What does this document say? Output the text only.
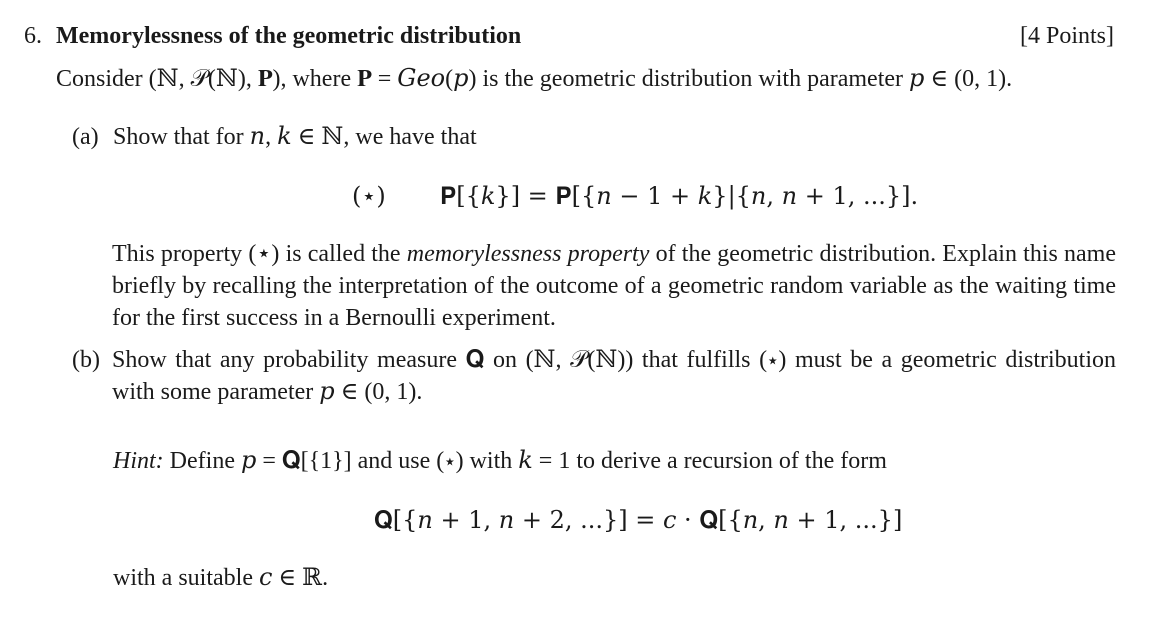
6. Memorylessness of the geometric distribution	[4 Points]

Consider (ℕ, 𝒫(ℕ), 𝐏), where 𝐏 = 𝐺𝑒𝑜(𝑝) is the geometric distribution with parameter 𝑝 ∈ (0, 1).

(a) Show that for 𝑛, 𝑘 ∈ ℕ, we have that
(⋆) 𝐏[{𝑘}] = 𝐏[{𝑛 − 1 + 𝑘}|{𝑛, 𝑛 + 1, ...}].

This property (⋆) is called the memorylessness property of the geometric distribution. Explain this name briefly by recalling the interpretation of the outcome of a geometric random variable as the waiting time for the first success in a Bernoulli experiment.

(b) Show that any probability measure 𝐐 on (ℕ, 𝒫(ℕ)) that fulfills (⋆) must be a geometric distribution with some parameter 𝑝 ∈ (0, 1).

Hint: Define 𝑝 = 𝐐[{1}] and use (⋆) with 𝑘 = 1 to derive a recursion of the form

𝐐[{𝑛 + 1, 𝑛 + 2, ...}] = 𝑐 · 𝐐[{𝑛, 𝑛 + 1, ...}]

with a suitable 𝑐 ∈ ℝ.
